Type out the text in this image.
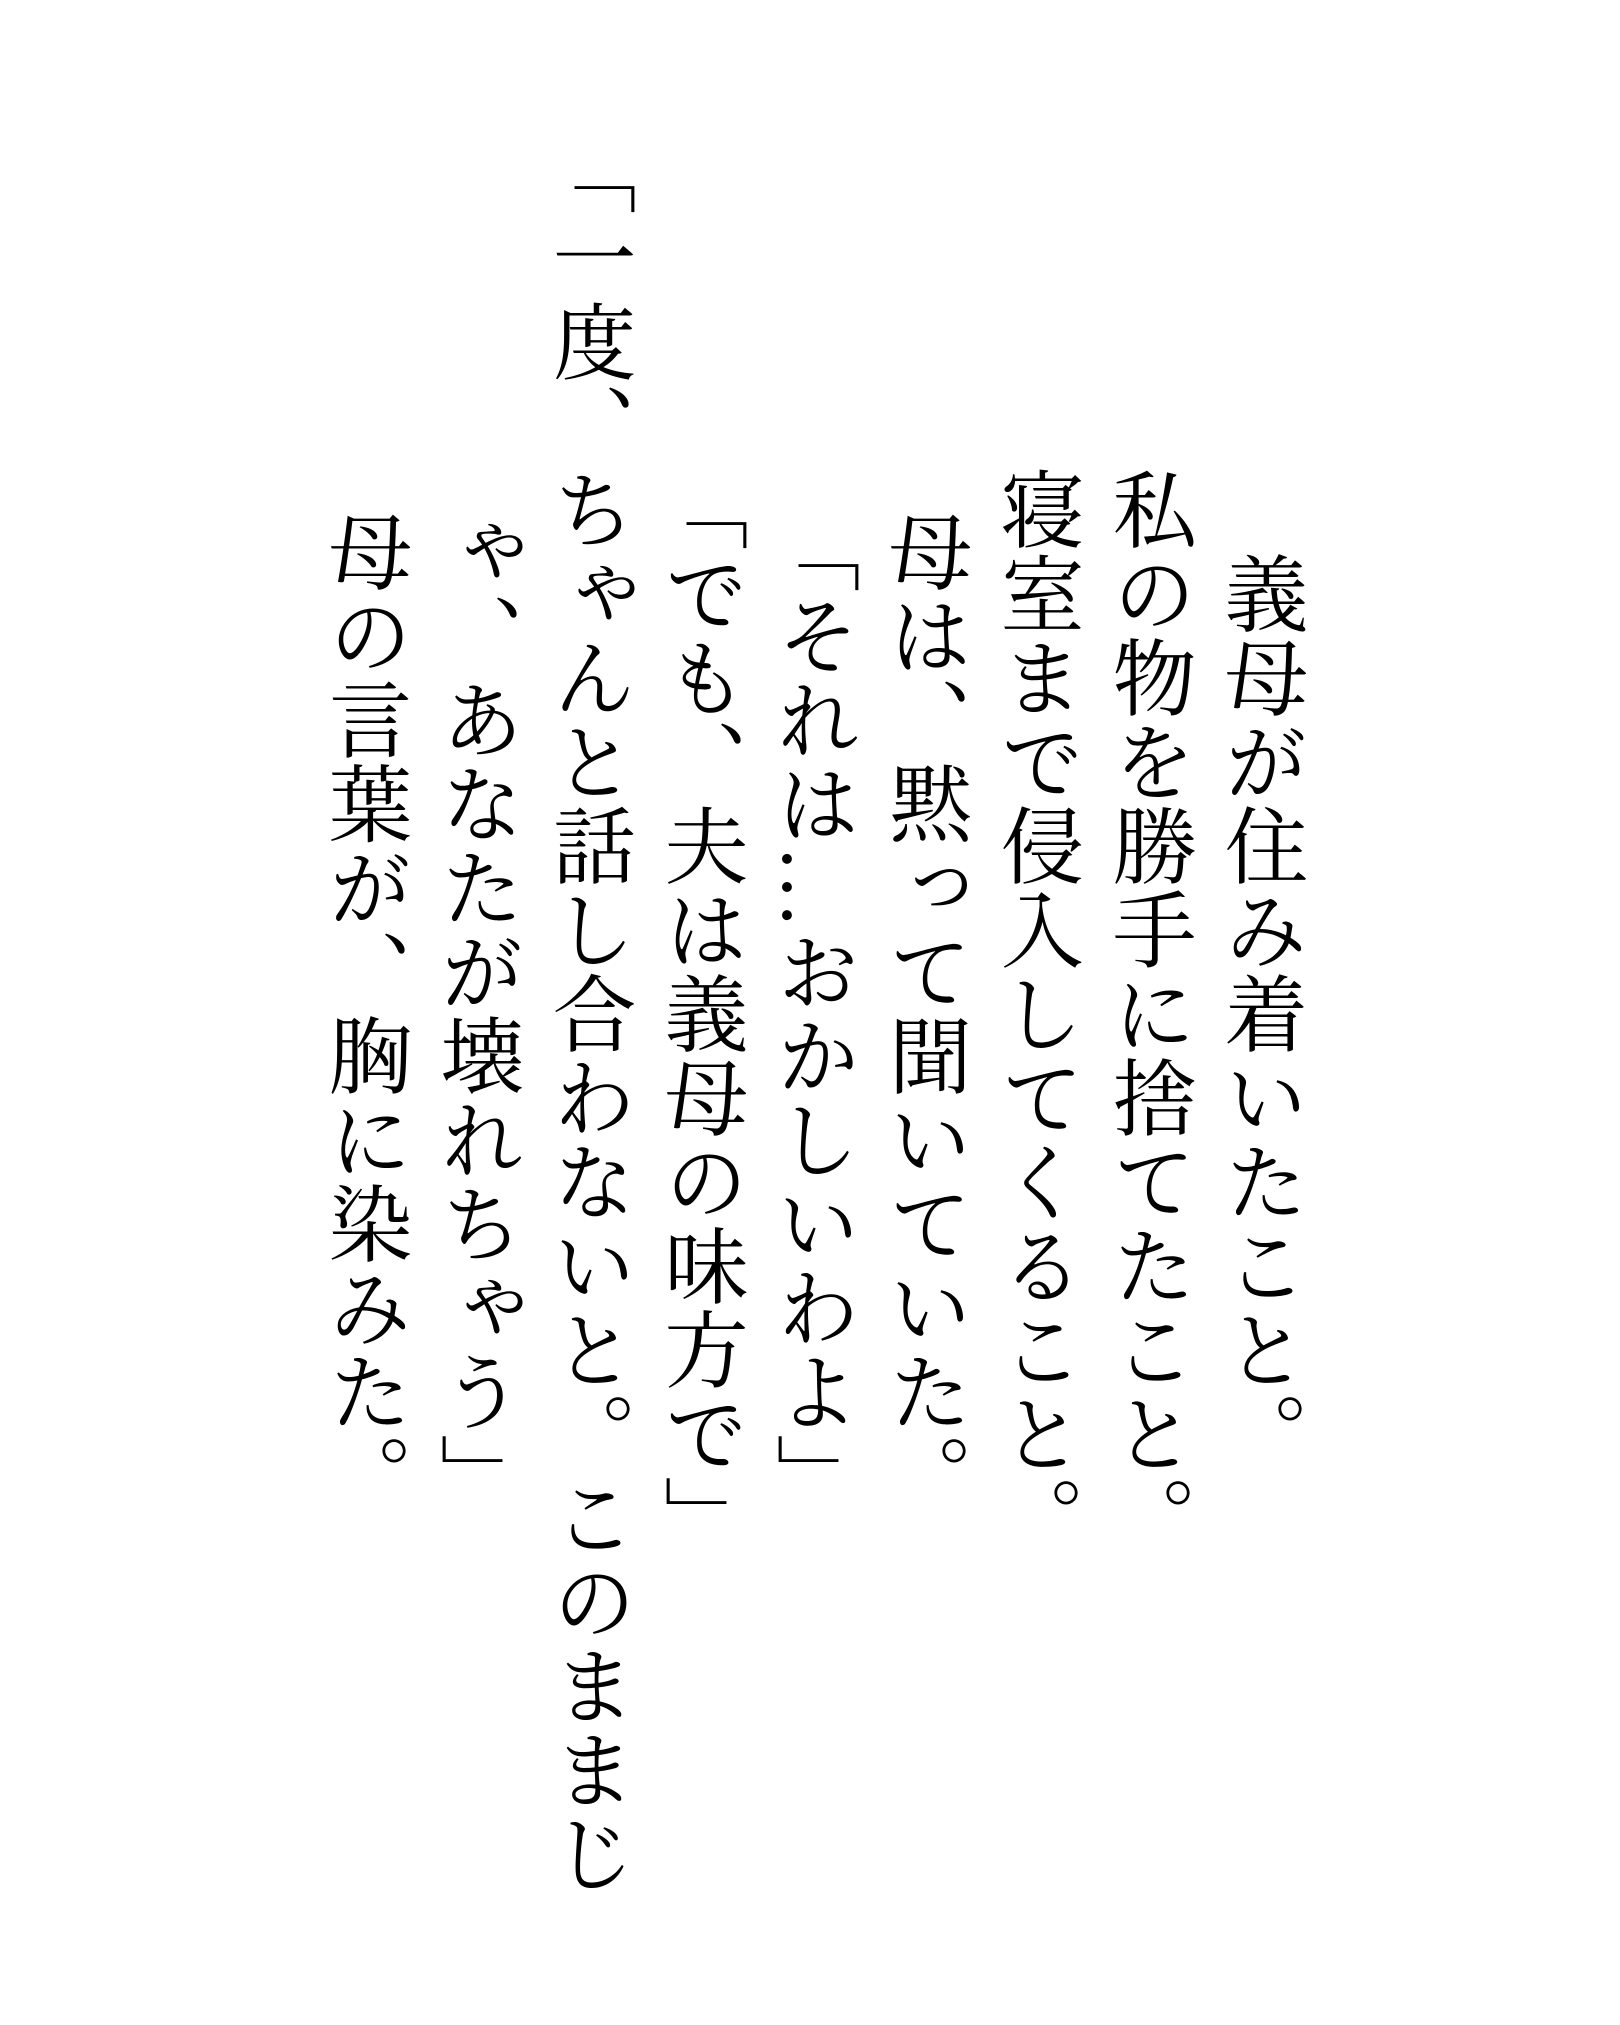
義母が住み着いたこと。
私の物を勝手に捨てたこと。
寝室まで侵入してくること。
母は、黙って聞いていた。
「それは…おかしいわよ」
「でも、夫は義母の味方で」
「一度、ちゃんと話し合わないと。このままじゃ、あなたが壊れちゃう」
母の言葉が、胸に染みた。
